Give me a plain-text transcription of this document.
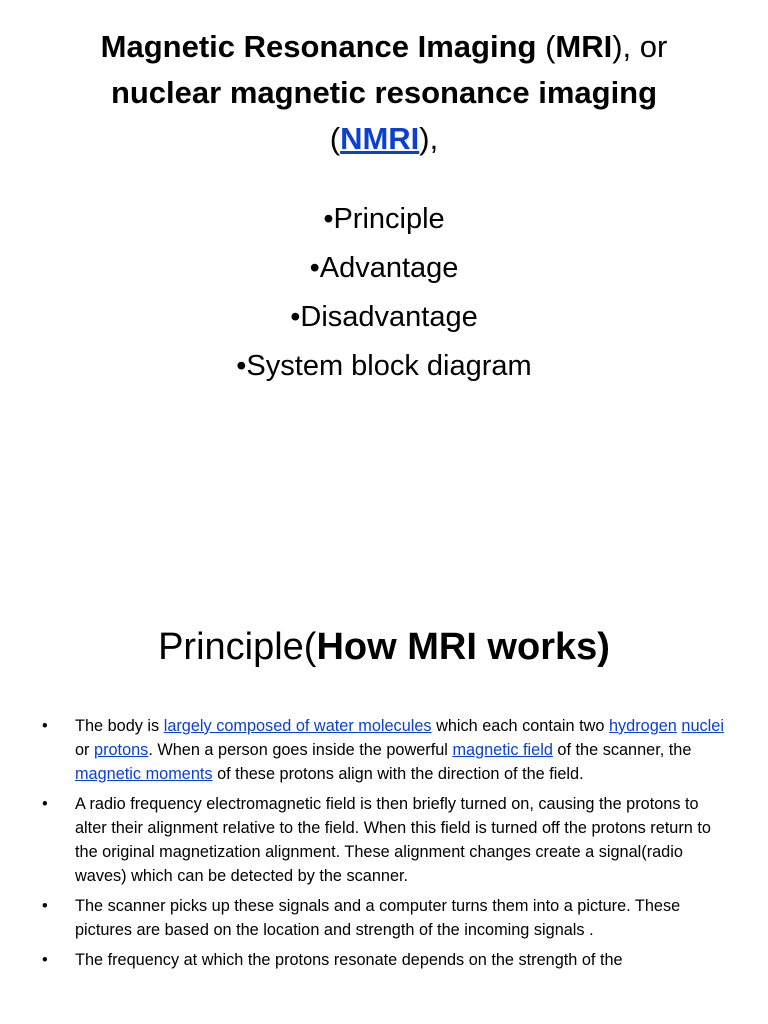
Magnetic Resonance Imaging (MRI), or
nuclear magnetic resonance imaging
(NMRI),
•Principle
•Advantage
•Disadvantage
•System block diagram
Principle(How MRI works)
• The body is largely composed of water molecules which each contain two hydrogen nuclei or protons. When a person goes inside the powerful magnetic field of the scanner, the magnetic moments of these protons align with the direction of the field.
• A radio frequency electromagnetic field is then briefly turned on, causing the protons to alter their alignment relative to the field. When this field is turned off the protons return to the original magnetization alignment. These alignment changes create a signal(radio waves) which can be detected by the scanner.
• The scanner picks up these signals and a computer turns them into a picture. These pictures are based on the location and strength of the incoming signals .
• The frequency at which the protons resonate depends on the strength of the
